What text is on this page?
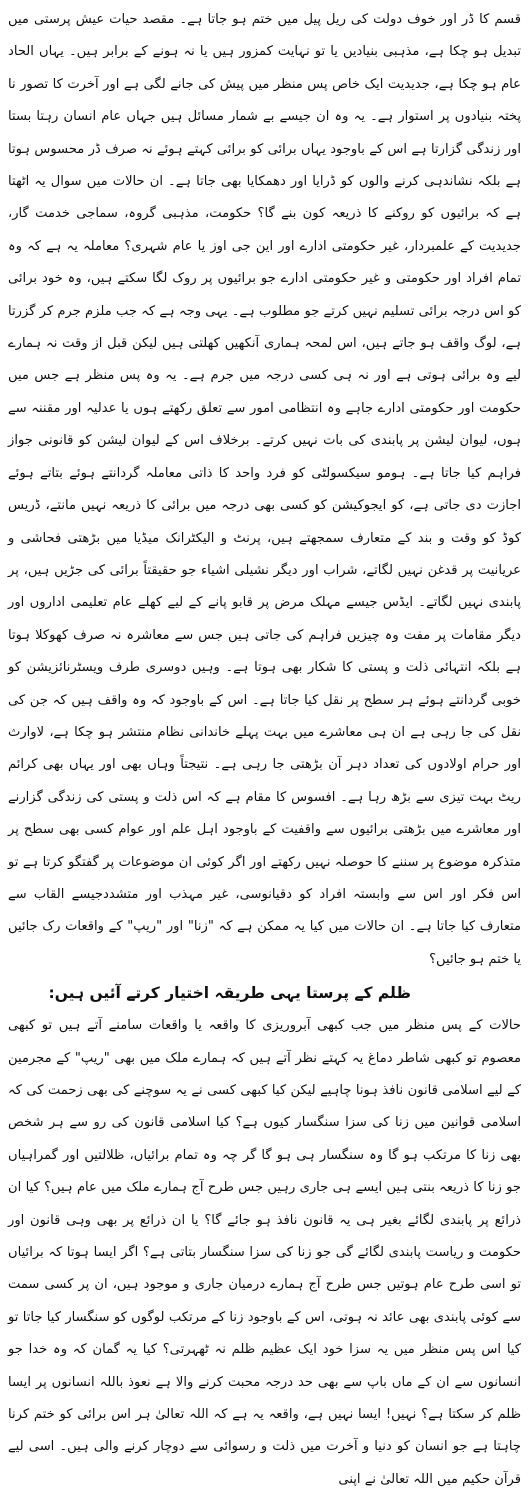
قسم کا ڈر اور خوف دولت کی ریل پیل میں ختم ہو جاتا ہے۔ مقصد حیات عیش پرستی میں تبدیل ہو چکا ہے، مذہبی بنیادیں یا تو نہایت کمزور ہیں یا نہ ہونے کے برابر ہیں۔ یہاں الحاد عام ہو چکا ہے، جدیدیت ایک خاص پس منظر میں پیش کی جانے لگی ہے اور آخرت کا تصور نا پختہ بنیادوں پر استوار ہے۔ یہ وہ ان جیسے بے شمار مسائل ہیں جہاں عام انسان رہتا بستا اور زندگی گزارتا ہے اس کے باوجود یہاں برائی کو برائی کہتے ہوئے نہ صرف ڈر محسوس ہوتا ہے بلکہ نشاندہی کرنے والوں کو ڈرایا اور دھمکایا بھی جاتا ہے۔ ان حالات میں سوال یہ اٹھتا ہے کہ برائیوں کو روکنے کا ذریعہ کون بنے گا؟ حکومت، مذہبی گروہ، سماجی خدمت گار، جدیدیت کے علمبردار، غیر حکومتی ادارے اور این جی اوز یا عام شہری؟ معاملہ یہ ہے کہ وہ تمام افراد اور حکومتی و غیر حکومتی ادارے جو برائیوں پر روک لگا سکتے ہیں، وہ خود برائی کو اس درجہ برائی تسلیم نہیں کرتے جو مطلوب ہے۔ یہی وجہ ہے کہ جب ملزم جرم کر گزرتا ہے، لوگ واقف ہو جاتے ہیں، اس لمحہ ہماری آنکھیں کھلتی ہیں لیکن قبل از وقت نہ ہمارے لیے وہ برائی ہوتی ہے اور نہ ہی کسی درجہ میں جرم ہے۔ یہ وہ پس منظر ہے جس میں حکومت اور حکومتی ادارے جاہے وہ انتظامی امور سے تعلق رکھتے ہوں یا عدلیہ اور مقننہ سے ہوں، لیوان لیشن پر پابندی کی بات نہیں کرتے۔ برخلاف اس کے لیوان لیشن کو قانونی جواز فراہم کیا جاتا ہے۔ ہومو سیکسولٹی کو فرد واحد کا ذاتی معاملہ گردانتے ہوئے بتاتے ہوئے اجازت دی جاتی ہے، کو ایجوکیشن کو کسی بھی درجہ میں برائی کا ذریعہ نہیں مانتے، ڈریس کوڈ کو وقت و بند کے متعارف سمجھتے ہیں، پرنٹ و الیکٹرانک میڈیا میں بڑھتی فحاشی و عریانیت پر قدغن نہیں لگاتے، شراب اور دیگر نشیلی اشیاء جو حقیقتاً برائی کی جڑیں ہیں، پر پابندی نہیں لگاتے۔ ایڈس جیسے مہلک مرض پر قابو پانے کے لیے کھلے عام تعلیمی اداروں اور دیگر مقامات پر مفت وہ چیزیں فراہم کی جاتی ہیں جس سے معاشرہ نہ صرف کھوکلا ہوتا ہے بلکہ انتہائی ذلت و پستی کا شکار بھی ہوتا ہے۔ وہیں دوسری طرف ویسٹرنائزیشن کو خوبی گردانتے ہوئے ہر سطح پر نقل کیا جاتا ہے۔ اس کے باوجود کہ وہ واقف ہیں کہ جن کی نقل کی جا رہی ہے ان ہی معاشرے میں بہت پہلے خاندانی نظام منتشر ہو چکا ہے، لاوارث اور حرام اولادوں کی تعداد دہر آن بڑھتی جا رہی ہے۔ نتیجتاً وہاں بھی اور یہاں بھی کرائم ریٹ بہت تیزی سے بڑھ رہا ہے۔ افسوس کا مقام ہے کہ اس ذلت و پستی کی زندگی گزارنے اور معاشرے میں بڑھتی برائیوں سے واقفیت کے باوجود اہل علم اور عوام کسی بھی سطح پر متذکرہ موضوع پر سننے کا حوصلہ نہیں رکھتے اور اگر کوئی ان موضوعات پر گفتگو کرتا ہے تو اس فکر اور اس سے وابستہ افراد کو دقیانوسی، غیر مہذب اور متشددجیسے القاب سے متعارف کیا جاتا ہے۔ ان حالات میں کیا یہ ممکن ہے کہ "زنا" اور "ریپ" کے واقعات رک جائیں یا ختم ہو جائیں؟

ظلم کے پرستا یہی طریقہ اختیار کرتے آئیں ہیں:

حالات کے پس منظر میں جب کبھی آبروریزی کا واقعہ یا واقعات سامنے آتے ہیں تو کبھی معصوم تو کبھی شاطر دماغ یہ کہتے نظر آتے ہیں کہ ہمارے ملک میں بھی "ریپ" کے مجرمین کے لیے اسلامی قانون نافذ ہونا چاہیے لیکن کیا کبھی کسی نے یہ سوچنے کی بھی زحمت کی کہ اسلامی قوانین میں زنا کی سزا سنگسار کیوں ہے؟ کیا اسلامی قانون کی رو سے ہر شخص بھی زنا کا مرتکب ہو گا وہ سنگسار ہی ہو گا گر چہ وہ تمام برائیاں، ظلالتیں اور گمراہیاں جو زنا کا ذریعہ بنتی ہیں ایسے ہی جاری رہیں جس طرح آج ہمارے ملک میں عام ہیں؟ کیا ان ذرائع پر پابندی لگائے بغیر ہی یہ قانون نافذ ہو جائے گا؟ یا ان ذرائع پر بھی وہی قانون اور حکومت و ریاست پابندی لگائے گی جو زنا کی سزا سنگسار بتاتی ہے؟ اگر ایسا ہوتا کہ برائیاں تو اسی طرح عام ہوتیں جس طرح آج ہمارے درمیان جاری و موجود ہیں، ان پر کسی سمت سے کوئی پابندی بھی عائد نہ ہوتی، اس کے باوجود زنا کے مرتکب لوگوں کو سنگسار کیا جاتا تو کیا اس پس منظر میں یہ سزا خود ایک عظیم ظلم نہ ٹھہرتی؟ کیا یہ گمان کہ وہ خدا جو انسانوں سے ان کے ماں باپ سے بھی حد درجہ محبت کرنے والا ہے نعوذ باللہ انسانوں پر ایسا ظلم کر سکتا ہے؟ نہیں! ایسا نہیں ہے، واقعہ یہ ہے کہ اللہ تعالیٰ ہر اس برائی کو ختم کرنا چاہتا ہے جو انسان کو دنیا و آخرت میں ذلت و رسوائی سے دوچار کرنے والی ہیں۔ اسی لیے قرآن حکیم میں اللہ تعالیٰ نے اپنی
